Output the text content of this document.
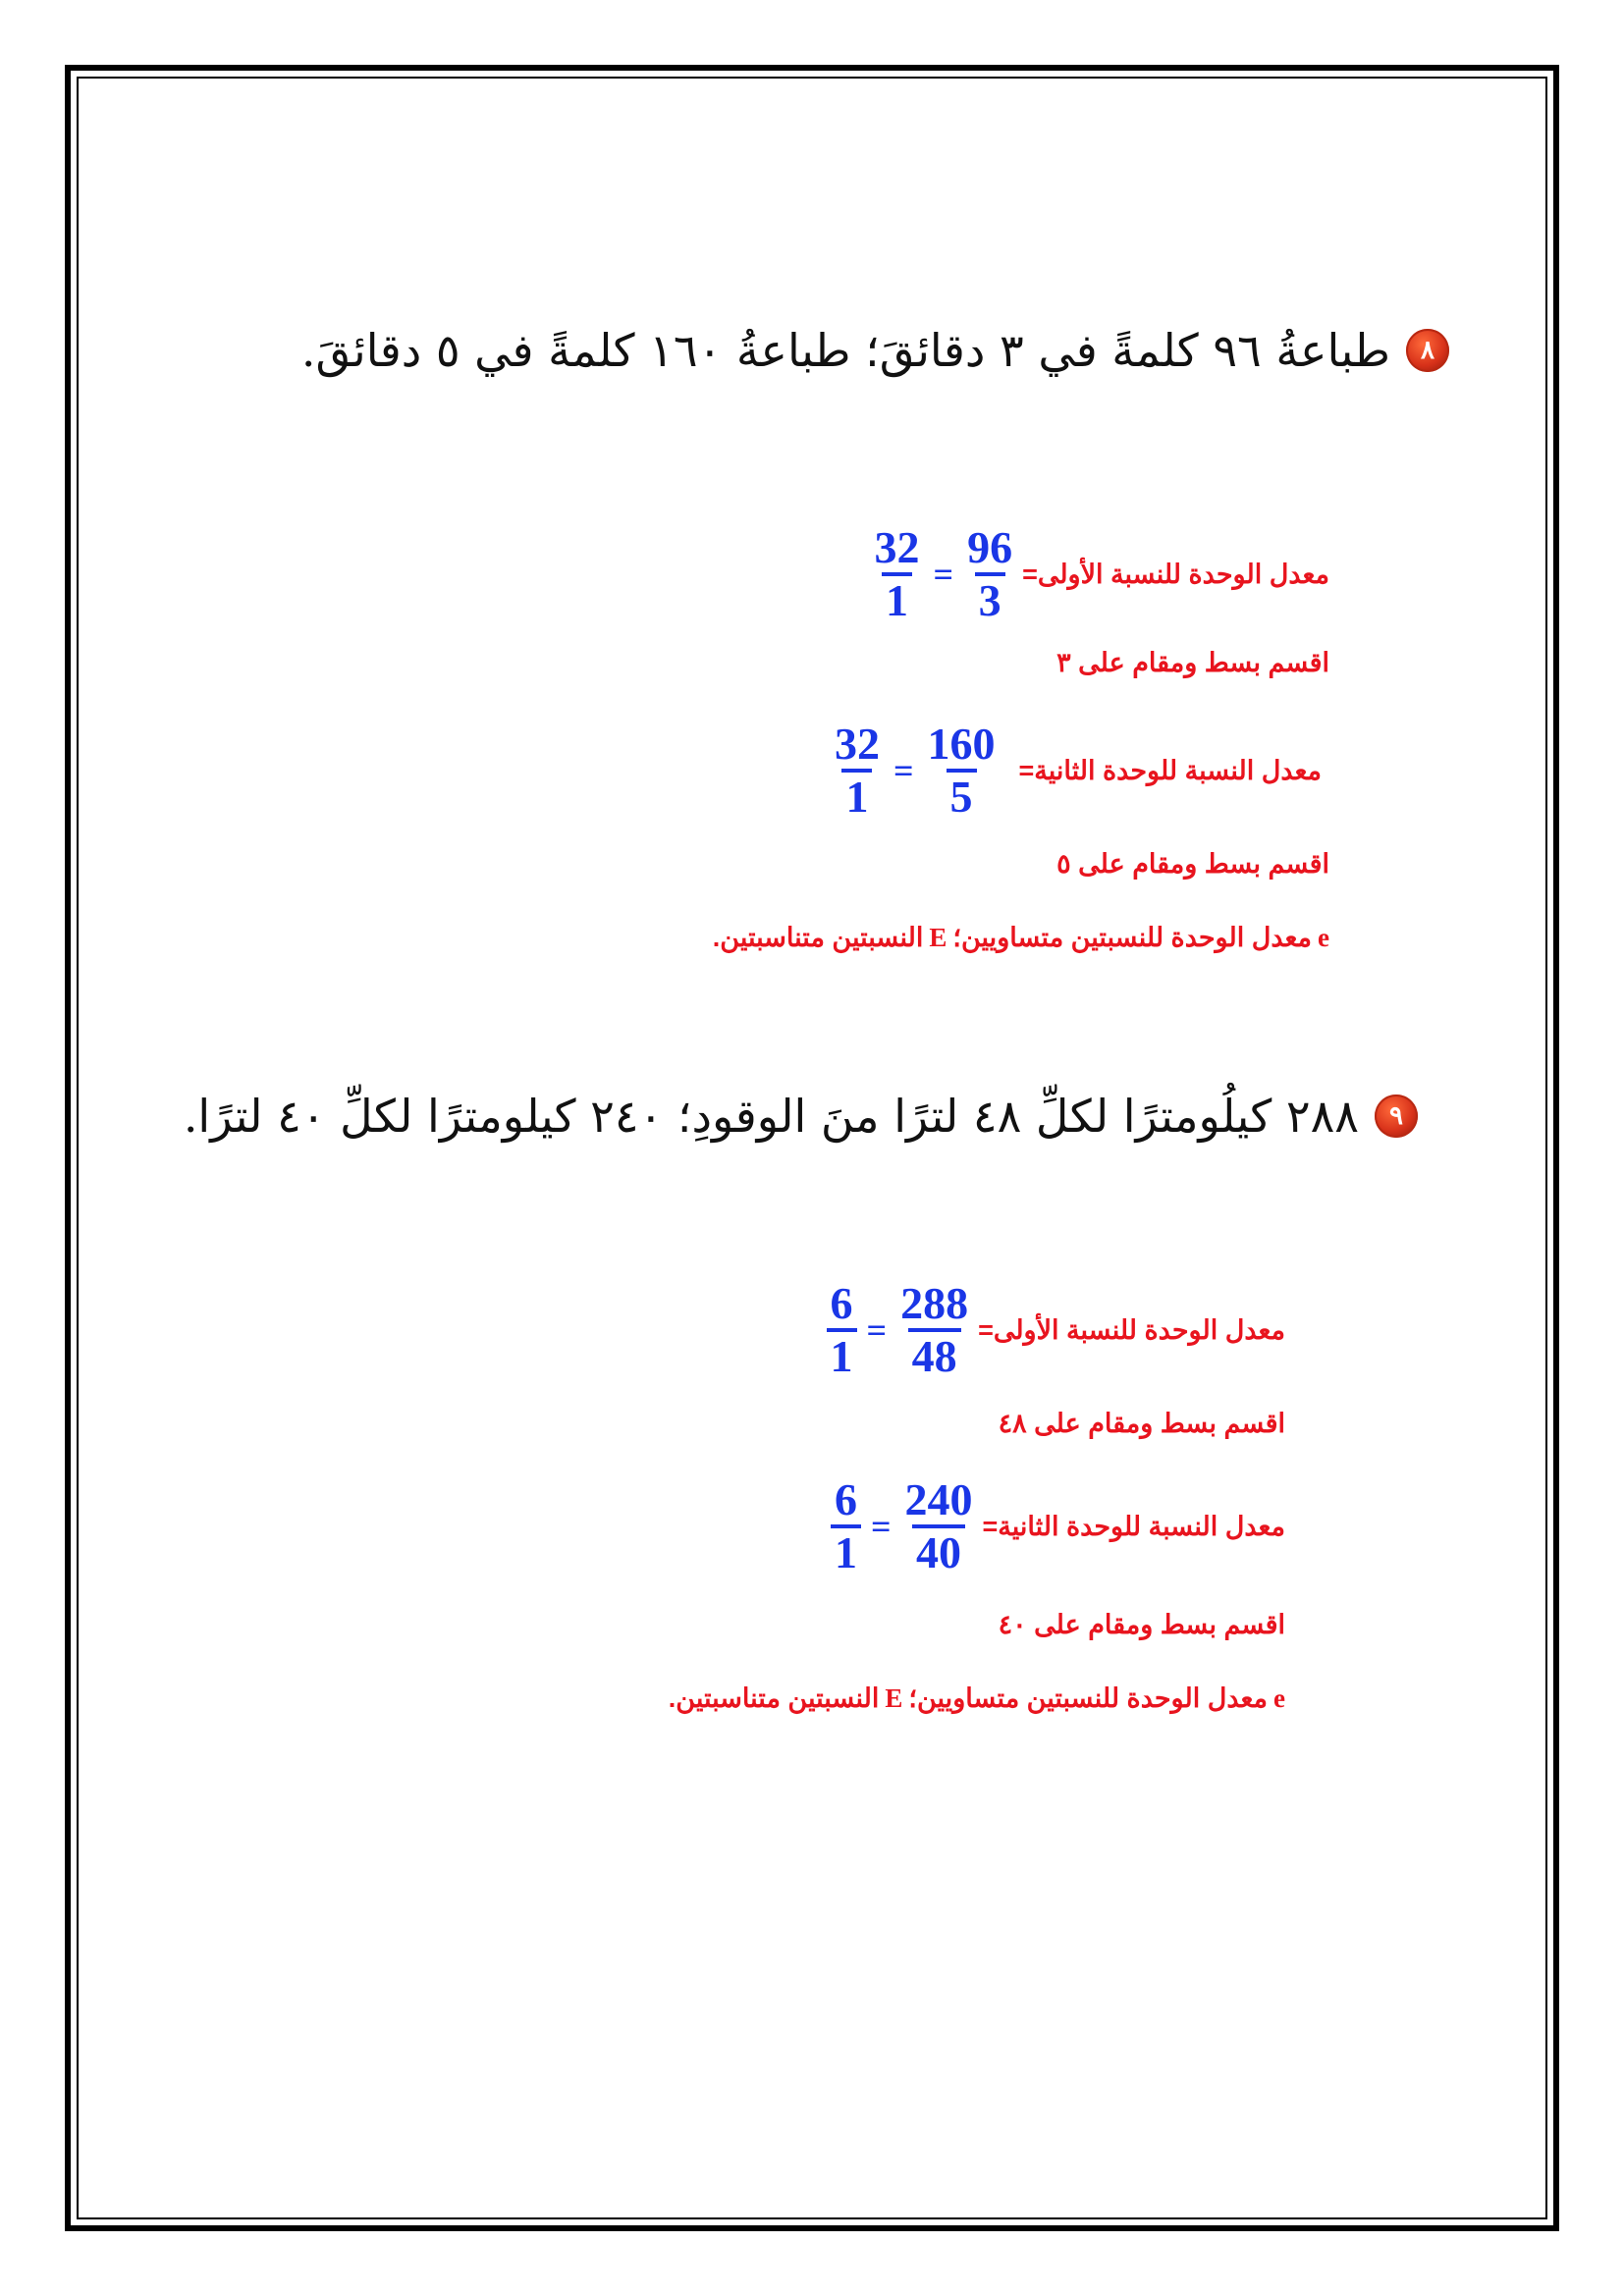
٨
طباعةُ ٩٦ كلمةً في ٣ دقائقَ؛ طباعةُ ١٦٠ كلمةً في ٥ دقائقَ.
معدل الوحدة للنسبة الأولى=
$\frac{32}{1} = \frac{96}{3}$
اقسم بسط ومقام على ٣
معدل النسبة للوحدة الثانية=
$\frac{32}{1} = \frac{160}{5}$
اقسم بسط ومقام على ٥
e
معدل الوحدة للنسبتين متساويين؛
E
النسبتين متناسبتين.
٩
٢٨٨ كيلُومترًا لكلِّ ٤٨ لترًا منَ الوقودِ؛ ٢٤٠ كيلومترًا لكلِّ ٤٠ لترًا.
معدل الوحدة للنسبة الأولى=
$\frac{6}{1} = \frac{288}{48}$
اقسم بسط ومقام على ٤٨
معدل النسبة للوحدة الثانية=
$\frac{6}{1} = \frac{240}{40}$
اقسم بسط ومقام على ٤٠
e
معدل الوحدة للنسبتين متساويين؛
E
النسبتين متناسبتين.
